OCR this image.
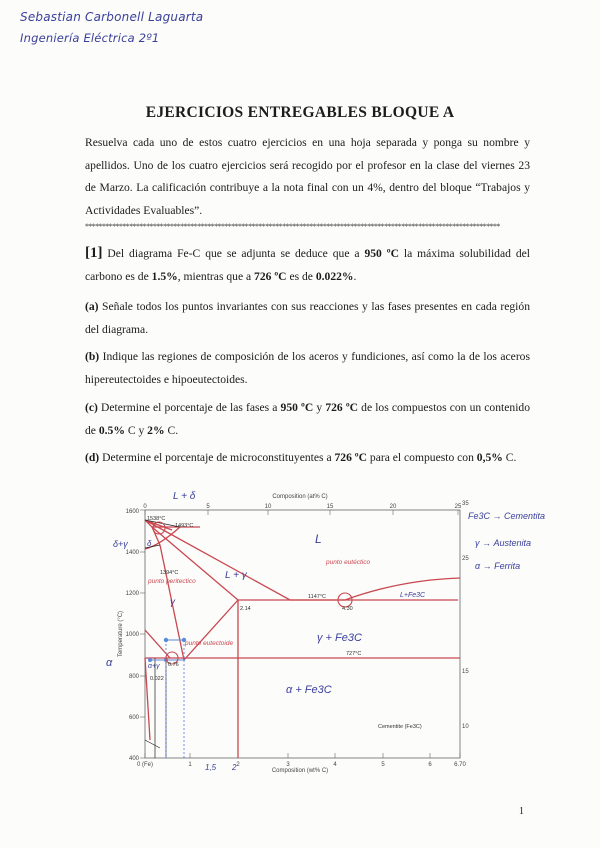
Sebastian Carbonell Laguarta
Ingeniería Eléctrica 2º1
EJERCICIOS ENTREGABLES BLOQUE A
Resuelva cada uno de estos cuatro ejercicios en una hoja separada y ponga su nombre y apellidos. Uno de los cuatro ejercicios será recogido por el profesor en la clase del viernes 23 de Marzo. La calificación contribuye a la nota final con un 4%, dentro del bloque “Trabajos y Actividades Evaluables”.
**************************************************************************************************************************
[1] Del diagrama Fe-C que se adjunta se deduce que a 950 ºC la máxima solubilidad del carbono es de 1.5%, mientras que a 726 ºC es de 0.022%.
(a) Señale todos los puntos invariantes con sus reacciones y las fases presentes en cada región del diagrama.
(b) Indique las regiones de composición de los aceros y fundiciones, así como la de los aceros hipereutectoides e hipoeutectoides.
(c) Determine el porcentaje de las fases a 950 ºC y 726 ºC de los compuestos con un contenido de 0.5% C y 2% C.
(d) Determine el porcentaje de microconstituyentes a 726 ºC para el compuesto con 0,5% C.
Composition (at% C)
0	5	10	15	20	25
400
600
800
1000
1200
1400
1600
Temperature (°C)
35
25
15
10
0 (Fe)	1	2	3	4	5	6	6.70
Composition (wt% C)
1538°C
1493°C
1394°C
1147°C
727°C
2.14	4.30
0.76
0.022
Cementite (Fe3C)
L + δ
δ+γ δ
γ
L
L + γ
γ + Fe3C
L+Fe3C
α+γ
α
α + Fe3C
1,5 2
Fe3C → Cementita
γ → Austenita
α → Ferrita
punto peritectico
punto eutéctico
punto eutectoide
1
